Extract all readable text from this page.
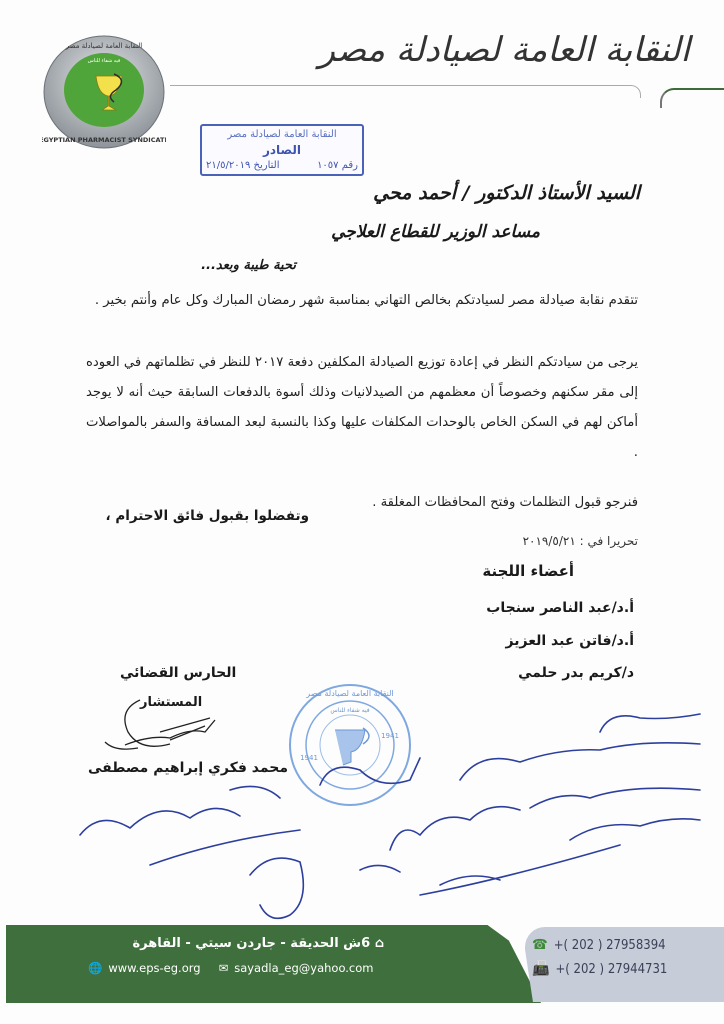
النقابة العامة لصيادلة مصر
فيه شفاء للناس
EGYPTIAN PHARMACIST SYNDICATE
النقابة العامة لصيادلة مصر
النقابة العامة لصيادلة مصر
الصادر
رقم ١٠٥٧
التاريخ ٢١/٥/٢٠١٩
السيد الأستاذ الدكتور / أحمد محي
مساعد الوزير للقطاع العلاجي
تحية طيبة وبعد...
تتقدم نقابة صيادلة مصر لسيادتكم بخالص التهاني بمناسبة شهر رمضان المبارك وكل عام وأنتم بخير .
يرجى من سيادتكم النظر في إعادة توزيع الصيادلة المكلفين دفعة ٢٠١٧ للنظر في تظلماتهم في العوده إلى مقر سكنهم وخصوصاً أن معظمهم من الصيدلانيات وذلك أسوة بالدفعات السابقة حيث أنه لا يوجد أماكن لهم في السكن الخاص بالوحدات المكلفات عليها وكذا بالنسبة لبعد المسافة والسفر بالمواصلات .
فنرجو قبول التظلمات وفتح المحافظات المغلقة .
وتفضلوا بقبول فائق الاحترام ،
تحريرا في : ٢٠١٩/٥/٢١
أعضاء اللجنة
أ.د/عبد الناصر سنجاب
أ.د/فاتن عبد العزيز
د/كريم بدر حلمي
الحارس القضائي
المستشار
محمد فكري إبراهيم مصطفى
النقابة العامة لصيادلة مصر
فيه شفاء للناس
1941
1941
⌂ 6ش الحديقة - جاردن سيتي - القاهرة
🌐 www.eps-eg.org ✉ sayadla_eg@yahoo.com
☎ +( 202 ) 27958394
📠 +( 202 ) 27944731
